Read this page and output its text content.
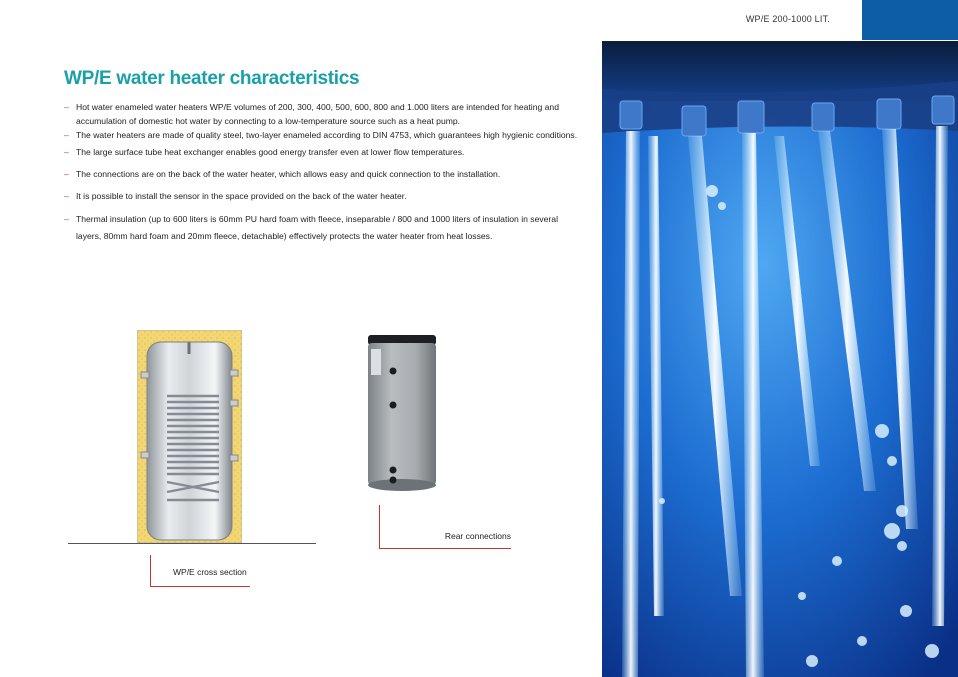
WP/E 200-1000 LIT.
WP/E water heater characteristics
– Hot water enameled water heaters WP/E volumes of 200, 300, 400, 500, 600, 800 and 1.000 liters are intended for heating and accumulation of domestic hot water by connecting to a low-temperature source such as a heat pump.
– The water heaters are made of quality steel, two-layer enameled according to DIN 4753, which guarantees high hygienic conditions.
– The large surface tube heat exchanger enables good energy transfer even at lower flow temperatures.
– The connections are on the back of the water heater, which allows easy and quick connection to the installation.
– It is possible to install the sensor in the space provided on the back of the water heater.
– Thermal insulation (up to 600 liters is 60mm PU hard foam with fleece, inseparable / 800 and 1000 liters of insulation in several layers, 80mm hard foam and 20mm fleece, detachable) effectively protects the water heater from heat losses.
WP/E cross section
Rear connections
